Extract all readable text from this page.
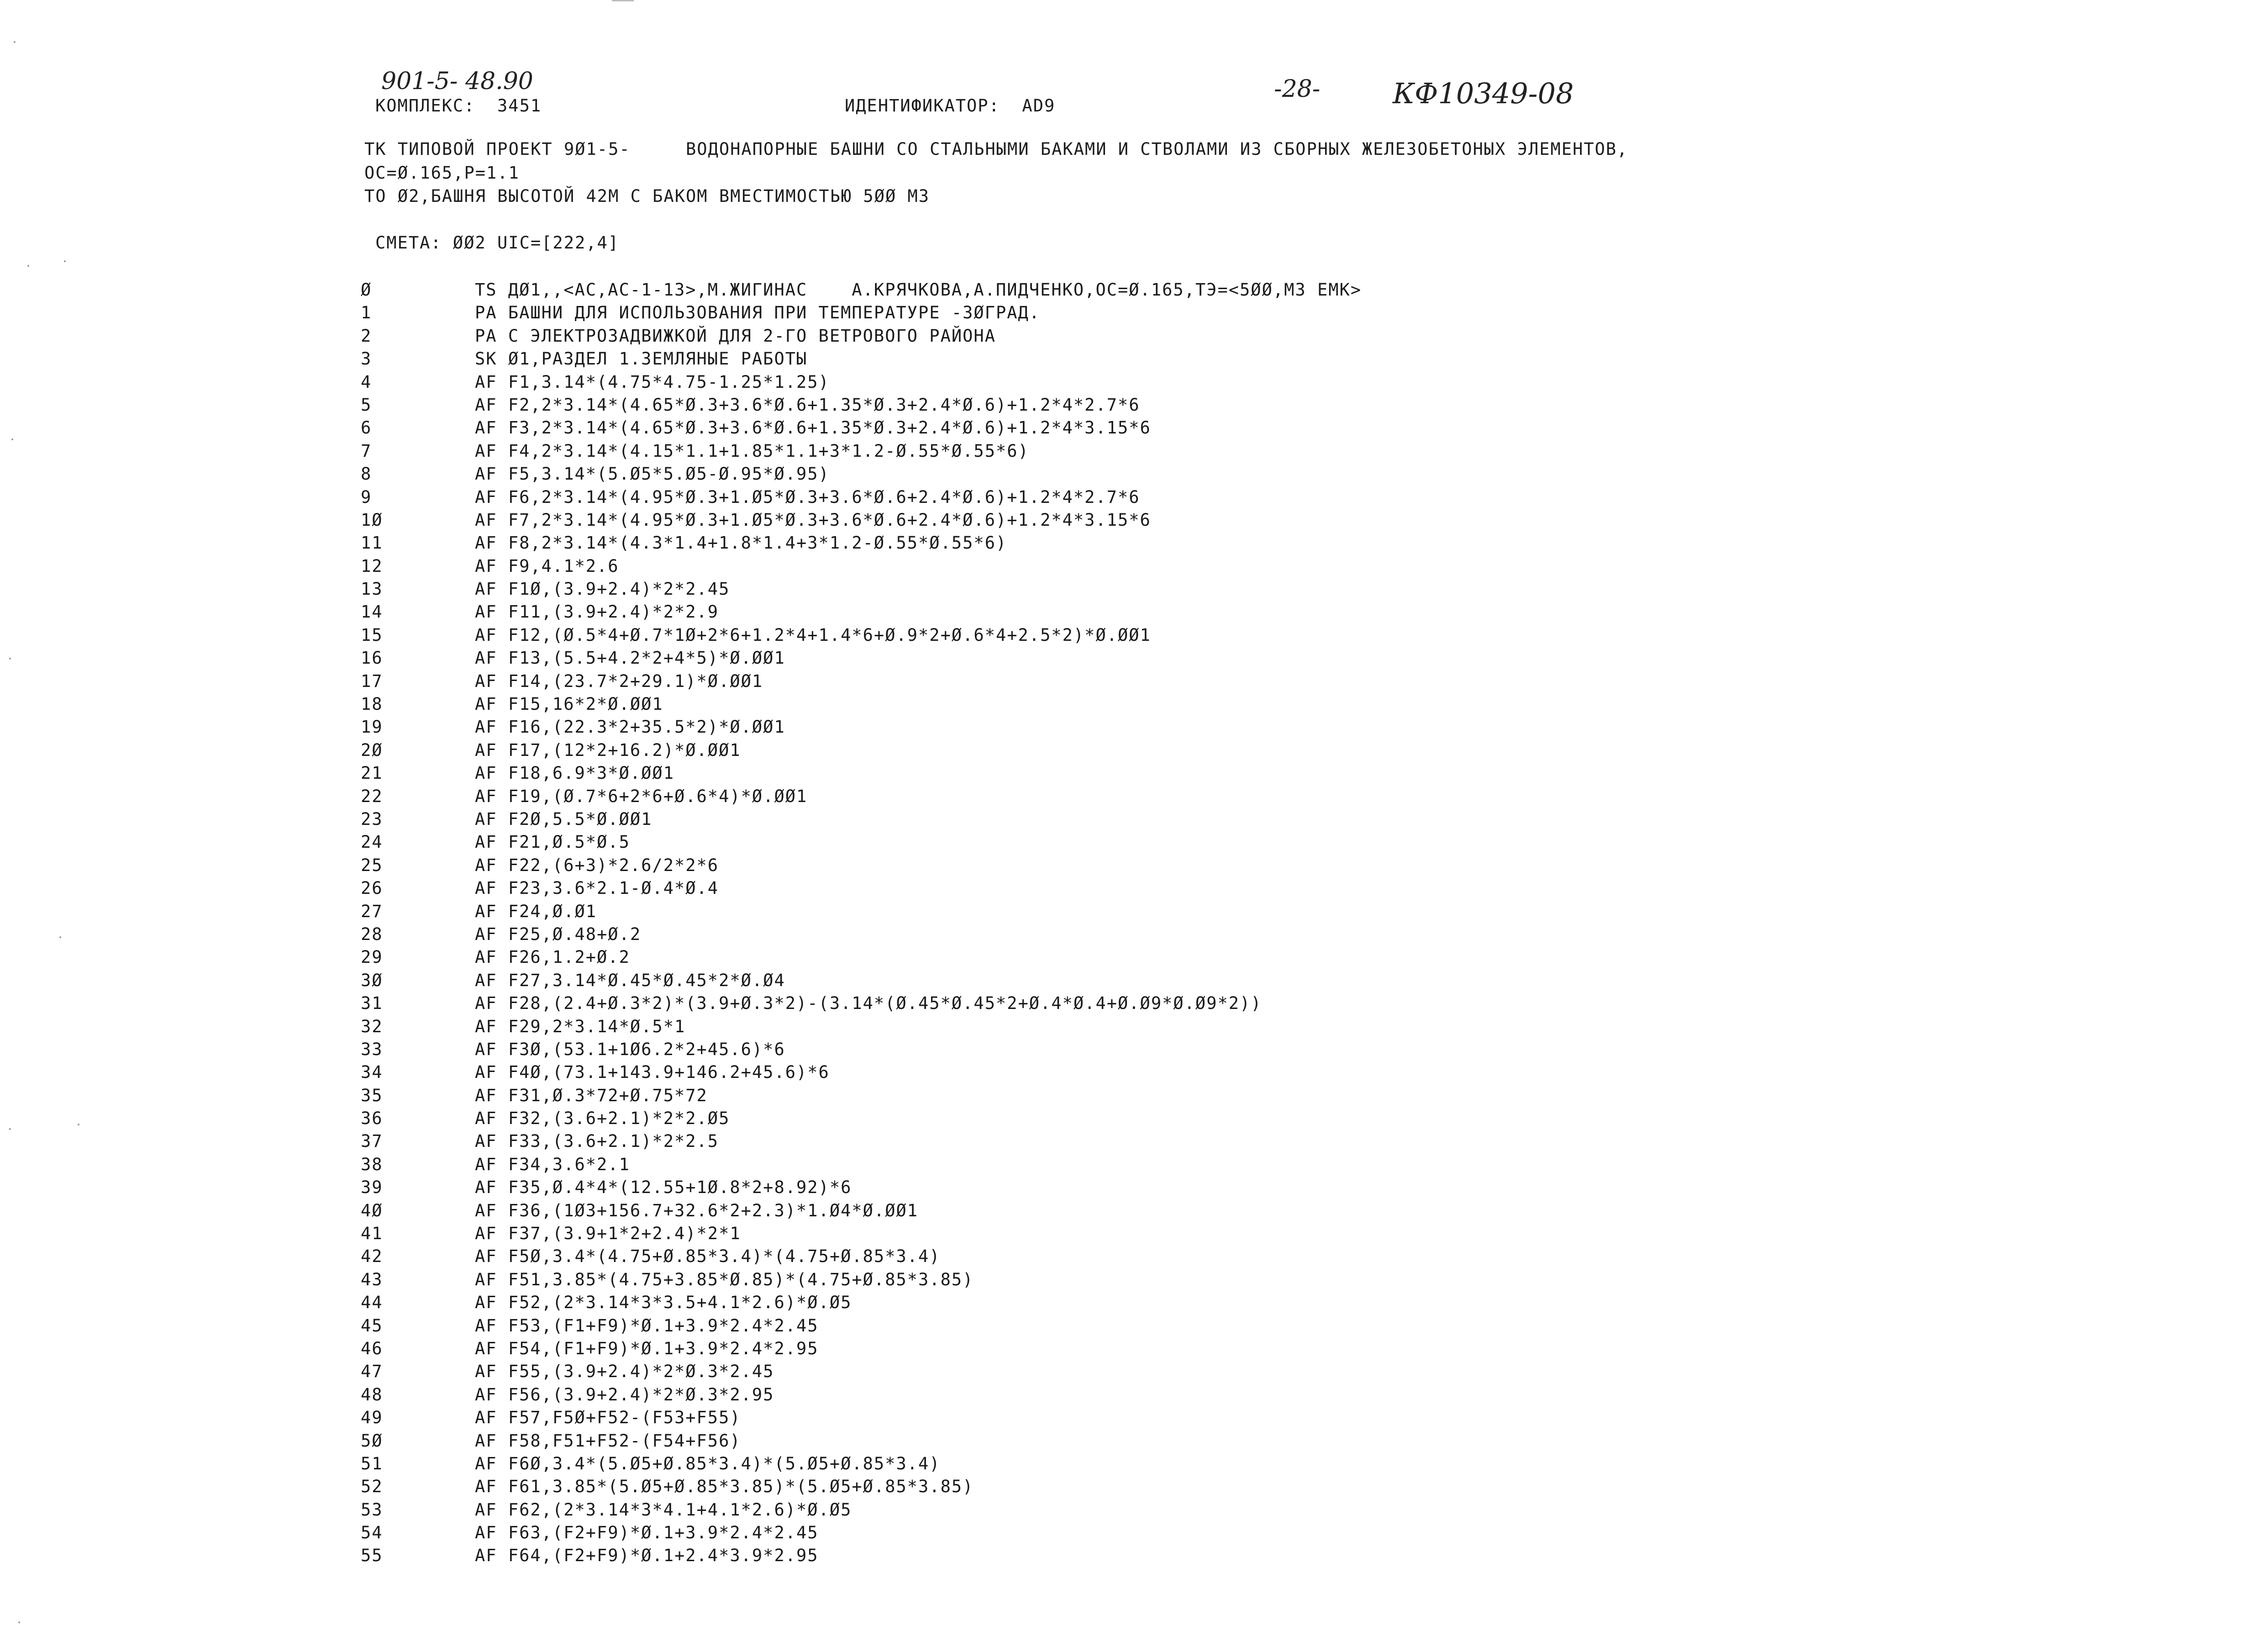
901-5- 48.90	-28-	КФ10349-08
КОМПЛЕКС:  3451	ИДЕНТИФИКАТОР:  AD9
ТК ТИПОВОЙ ПРОЕКТ 9Ø1-5-     ВОДОНАПОРНЫЕ БАШНИ СО СТАЛЬНЫМИ БАКАМИ И СТВОЛАМИ ИЗ СБОРНЫХ ЖЕЛЕЗОБЕТОНЫХ ЭЛЕМЕНТОВ,
ОС=Ø.165,Р=1.1
ТО Ø2,БАШНЯ ВЫСОТОЙ 42М С БАКОМ ВМЕСТИМОСТЬЮ 5ØØ М3
СМЕТА: ØØ2 UIC=[222,4]
Ø	TS ДØ1,,<АС,АС-1-13>,М.ЖИГИНАС    А.КРЯЧКОВА,А.ПИДЧЕНКО,ОС=Ø.165,ТЭ=<5ØØ,М3 ЕМК>
1	РА БАШНИ ДЛЯ ИСПОЛЬЗОВАНИЯ ПРИ ТЕМПЕРАТУРЕ -3ØГРАД.
2	РА С ЭЛЕКТРОЗАДВИЖКОЙ ДЛЯ 2-ГО ВЕТРОВОГО РАЙОНА
3	SK Ø1,РАЗДЕЛ 1.ЗЕМЛЯНЫЕ РАБОТЫ
4	AF F1,3.14*(4.75*4.75-1.25*1.25)
5	AF F2,2*3.14*(4.65*Ø.3+3.6*Ø.6+1.35*Ø.3+2.4*Ø.6)+1.2*4*2.7*6
6	AF F3,2*3.14*(4.65*Ø.3+3.6*Ø.6+1.35*Ø.3+2.4*Ø.6)+1.2*4*3.15*6
7	AF F4,2*3.14*(4.15*1.1+1.85*1.1+3*1.2-Ø.55*Ø.55*6)
8	AF F5,3.14*(5.Ø5*5.Ø5-Ø.95*Ø.95)
9	AF F6,2*3.14*(4.95*Ø.3+1.Ø5*Ø.3+3.6*Ø.6+2.4*Ø.6)+1.2*4*2.7*6
1Ø	AF F7,2*3.14*(4.95*Ø.3+1.Ø5*Ø.3+3.6*Ø.6+2.4*Ø.6)+1.2*4*3.15*6
11	AF F8,2*3.14*(4.3*1.4+1.8*1.4+3*1.2-Ø.55*Ø.55*6)
12	AF F9,4.1*2.6
13	AF F1Ø,(3.9+2.4)*2*2.45
14	AF F11,(3.9+2.4)*2*2.9
15	AF F12,(Ø.5*4+Ø.7*1Ø+2*6+1.2*4+1.4*6+Ø.9*2+Ø.6*4+2.5*2)*Ø.ØØ1
16	AF F13,(5.5+4.2*2+4*5)*Ø.ØØ1
17	AF F14,(23.7*2+29.1)*Ø.ØØ1
18	AF F15,16*2*Ø.ØØ1
19	AF F16,(22.3*2+35.5*2)*Ø.ØØ1
2Ø	AF F17,(12*2+16.2)*Ø.ØØ1
21	AF F18,6.9*3*Ø.ØØ1
22	AF F19,(Ø.7*6+2*6+Ø.6*4)*Ø.ØØ1
23	AF F2Ø,5.5*Ø.ØØ1
24	AF F21,Ø.5*Ø.5
25	AF F22,(6+3)*2.6/2*2*6
26	AF F23,3.6*2.1-Ø.4*Ø.4
27	AF F24,Ø.Ø1
28	AF F25,Ø.48+Ø.2
29	AF F26,1.2+Ø.2
3Ø	AF F27,3.14*Ø.45*Ø.45*2*Ø.Ø4
31	AF F28,(2.4+Ø.3*2)*(3.9+Ø.3*2)-(3.14*(Ø.45*Ø.45*2+Ø.4*Ø.4+Ø.Ø9*Ø.Ø9*2))
32	AF F29,2*3.14*Ø.5*1
33	AF F3Ø,(53.1+1Ø6.2*2+45.6)*6
34	AF F4Ø,(73.1+143.9+146.2+45.6)*6
35	AF F31,Ø.3*72+Ø.75*72
36	AF F32,(3.6+2.1)*2*2.Ø5
37	AF F33,(3.6+2.1)*2*2.5
38	AF F34,3.6*2.1
39	AF F35,Ø.4*4*(12.55+1Ø.8*2+8.92)*6
4Ø	AF F36,(1Ø3+156.7+32.6*2+2.3)*1.Ø4*Ø.ØØ1
41	AF F37,(3.9+1*2+2.4)*2*1
42	AF F5Ø,3.4*(4.75+Ø.85*3.4)*(4.75+Ø.85*3.4)
43	AF F51,3.85*(4.75+3.85*Ø.85)*(4.75+Ø.85*3.85)
44	AF F52,(2*3.14*3*3.5+4.1*2.6)*Ø.Ø5
45	AF F53,(F1+F9)*Ø.1+3.9*2.4*2.45
46	AF F54,(F1+F9)*Ø.1+3.9*2.4*2.95
47	AF F55,(3.9+2.4)*2*Ø.3*2.45
48	AF F56,(3.9+2.4)*2*Ø.3*2.95
49	AF F57,F5Ø+F52-(F53+F55)
5Ø	AF F58,F51+F52-(F54+F56)
51	AF F6Ø,3.4*(5.Ø5+Ø.85*3.4)*(5.Ø5+Ø.85*3.4)
52	AF F61,3.85*(5.Ø5+Ø.85*3.85)*(5.Ø5+Ø.85*3.85)
53	AF F62,(2*3.14*3*4.1+4.1*2.6)*Ø.Ø5
54	AF F63,(F2+F9)*Ø.1+3.9*2.4*2.45
55	AF F64,(F2+F9)*Ø.1+2.4*3.9*2.95
